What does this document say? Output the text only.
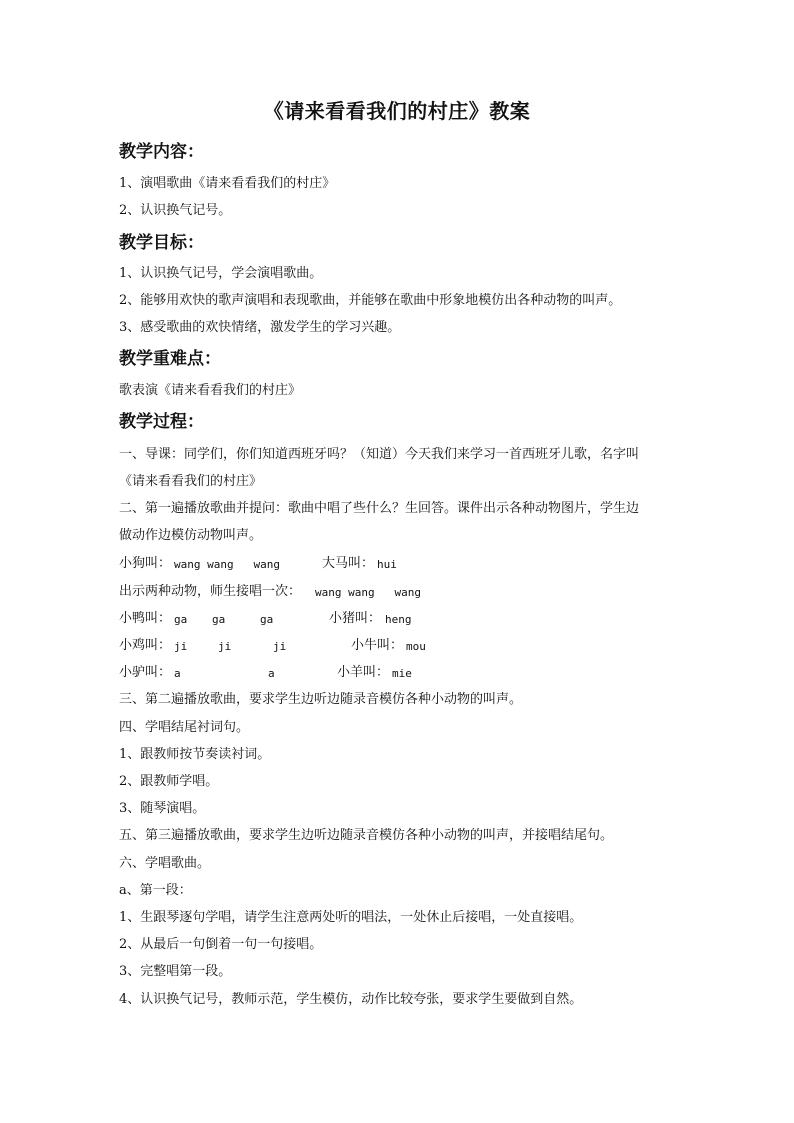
《请来看看我们的村庄》教案
教学内容：
1、演唱歌曲《请来看看我们的村庄》
2、认识换气记号。
教学目标：
1、认识换气记号，学会演唱歌曲。
2、能够用欢快的歌声演唱和表现歌曲，并能够在歌曲中形象地模仿出各种动物的叫声。
3、感受歌曲的欢快情绪，激发学生的学习兴趣。
教学重难点：
歌表演《请来看看我们的村庄》
教学过程：
一、导课：同学们，你们知道西班牙吗？（知道）今天我们来学习一首西班牙儿歌，名字叫
《请来看看我们的村庄》
二、第一遍播放歌曲并提问：歌曲中唱了些什么？生回答。课件出示各种动物图片，学生边
做动作边模仿动物叫声。
小狗叫： wang wang   wang	大马叫： hui
出示两种动物，师生接唱一次： wang wang   wang
小鸭叫： ga ga	ga	小猪叫： heng
小鸡叫： ji	ji	ji	小牛叫： mou
小驴叫： a	a	小羊叫： mie
三、第二遍播放歌曲，要求学生边听边随录音模仿各种小动物的叫声。
四、学唱结尾衬词句。
1、跟教师按节奏读衬词。
2、跟教师学唱。
3、随琴演唱。
五、第三遍播放歌曲，要求学生边听边随录音模仿各种小动物的叫声，并接唱结尾句。
六、学唱歌曲。
a、第一段：
1、生跟琴逐句学唱，请学生注意两处听的唱法，一处休止后接唱，一处直接唱。
2、从最后一句倒着一句一句接唱。
3、完整唱第一段。
4、认识换气记号，教师示范，学生模仿，动作比较夸张，要求学生要做到自然。
